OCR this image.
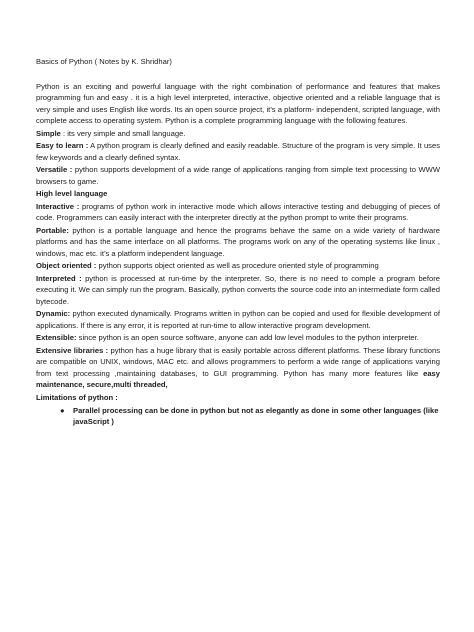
Basics of Python ( Notes by K. Shridhar)

Python is an exciting and powerful language with the right combination of performance and features that makes programming fun and easy . it is a high level interpreted, interactive, objective oriented and a reliable language that is very simple and uses English like words. Its an open source project, it’s a platform- independent, scripted language, with complete access to operating system. Python is a complete programming language with the following features.

Simple : its very simple and small language.

Easy to learn : A python program is clearly defined and easily readable. Structure of the program is very simple. It uses few keywords and a clearly defined syntax.

Versatile : python supports development of a wide range of applications ranging from simple text processing to WWW browsers to game.

High level language

Interactive : programs of python work in interactive mode which allows interactive testing and debugging of pieces of code. Programmers can easily interact with the interpreter directly at the python prompt to write their programs.

Portable: python is a portable language and hence the programs behave the same on a wide variety of hardware platforms and has the same interface on all platforms. The programs work on any of the operating systems like linux , windows, mac etc. it’s a platform independent language.

Object oriented : python supports object oriented as well as procedure oriented style of programming

Interpreted : python is processed at run-time by the interpreter. So, there is no need to comple a program before executing it. We can simply run the program. Basically, python converts the source code into an intermediate form called bytecode.

Dynamic: python executed dynamically. Programs written in python can be copied and used for flexible development of applications. If there is any error, it is reported at run-time to allow interactive program development.

Extensible: since python is an open source software, anyone can add low level modules to the python interpreter.

Extensive libraries : python has a huge library that is easily portable across different platforms. These library functions are compatible on UNIX, windows, MAC etc. and allows programmers to perform a wide range of applications varying from text processing ,maintaining databases, to GUI programming. Python has many more features like easy maintenance, secure,multi threaded,

Limitations of python :

● Parallel processing can be done in python but not as elegantly as done in some other languages (like javaScript )
